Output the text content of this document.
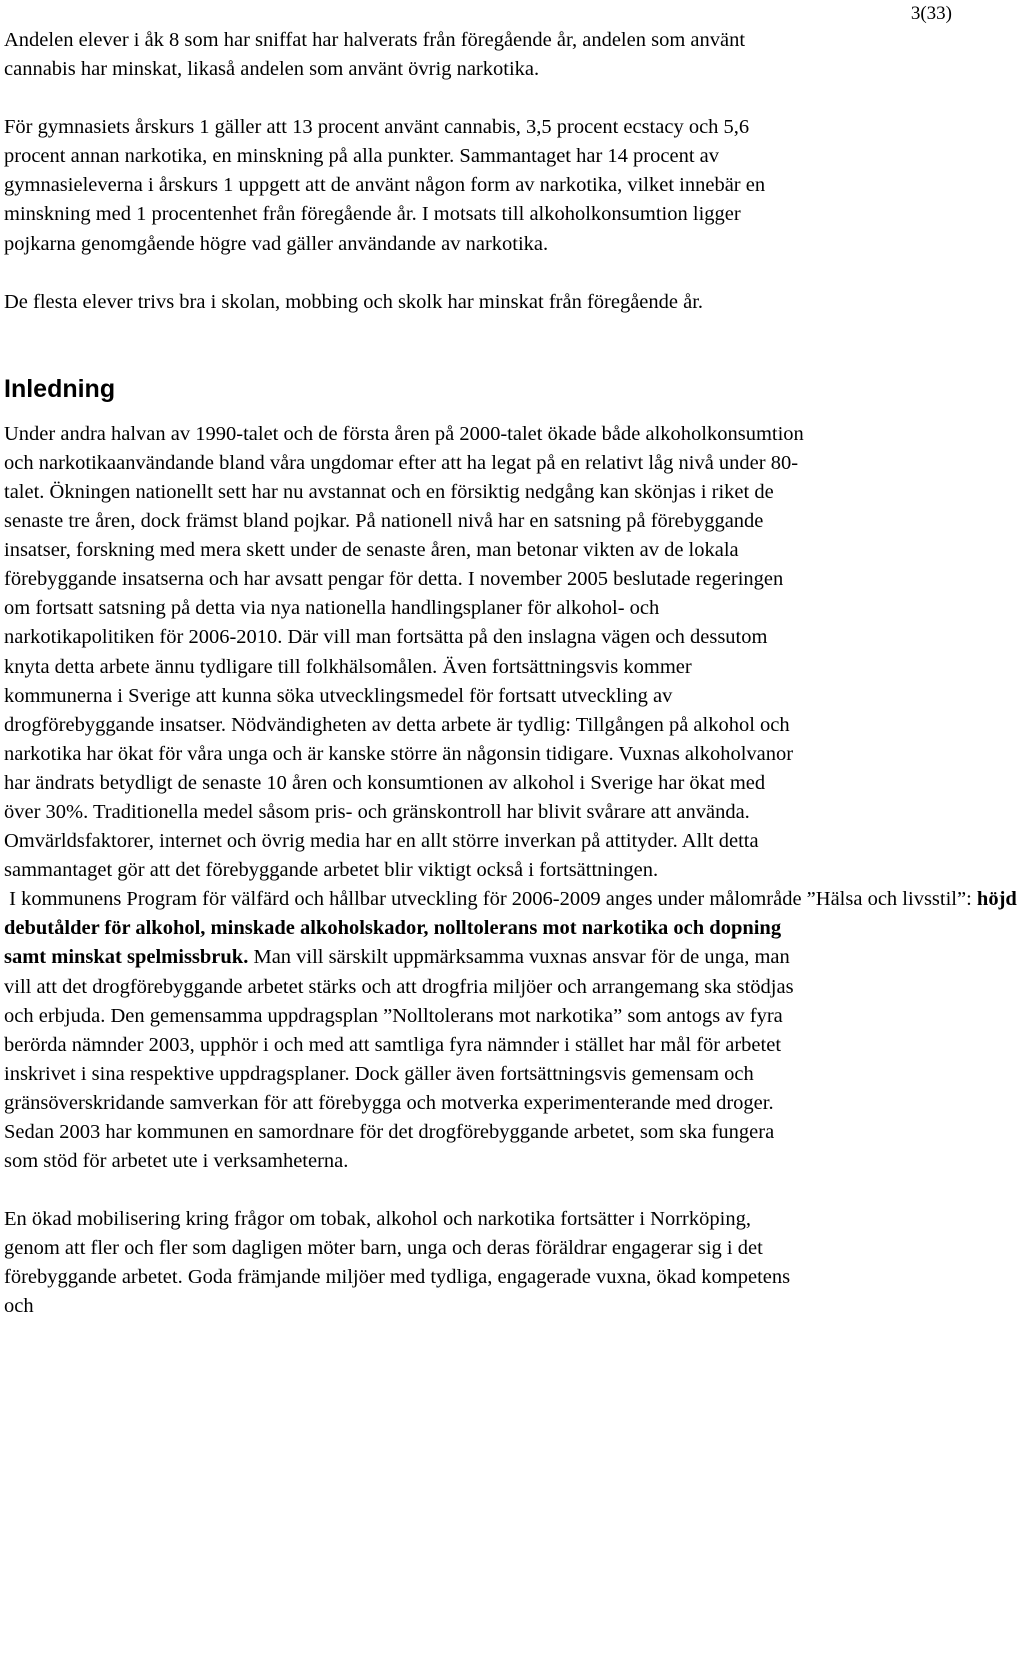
3(33)

Andelen elever i åk 8 som har sniffat har halverats från föregående år, andelen som använt cannabis har minskat, likaså andelen som använt övrig narkotika.

För gymnasiets årskurs 1 gäller att 13 procent använt cannabis, 3,5 procent ecstacy och 5,6 procent annan narkotika, en minskning på alla punkter. Sammantaget har 14 procent av gymnasieleverna i årskurs 1 uppgett att de använt någon form av narkotika, vilket innebär en minskning med 1 procentenhet från föregående år. I motsats till alkoholkonsumtion ligger pojkarna genomgående högre vad gäller användande av narkotika.

De flesta elever trivs bra i skolan, mobbing och skolk har minskat från föregående år.

Inledning

Under andra halvan av 1990-talet och de första åren på 2000-talet ökade både alkoholkonsumtion och narkotikaanvändande bland våra ungdomar efter att ha legat på en relativt låg nivå under 80-talet. Ökningen nationellt sett har nu avstannat och en försiktig nedgång kan skönjas i riket de senaste tre åren, dock främst bland pojkar. På nationell nivå har en satsning på förebyggande insatser, forskning med mera skett under de senaste åren, man betonar vikten av de lokala förebyggande insatserna och har avsatt pengar för detta. I november 2005 beslutade regeringen om fortsatt satsning på detta via nya nationella handlingsplaner för alkohol- och narkotikapolitiken för 2006-2010. Där vill man fortsätta på den inslagna vägen och dessutom knyta detta arbete ännu tydligare till folkhälsomålen. Även fortsättningsvis kommer kommunerna i Sverige att kunna söka utvecklingsmedel för fortsatt utveckling av drogförebyggande insatser. Nödvändigheten av detta arbete är tydlig: Tillgången på alkohol och narkotika har ökat för våra unga och är kanske större än någonsin tidigare. Vuxnas alkoholvanor har ändrats betydligt de senaste 10 åren och konsumtionen av alkohol i Sverige har ökat med över 30%. Traditionella medel såsom pris- och gränskontroll har blivit svårare att använda. Omvärldsfaktorer, internet och övrig media har en allt större inverkan på attityder. Allt detta sammantaget gör att det förebyggande arbetet blir viktigt också i fortsättningen.

I kommunens Program för välfärd och hållbar utveckling för 2006-2009 anges under målområde ”Hälsa och livsstil”: höjd debutålder för alkohol, minskade alkoholskador, nolltolerans mot narkotika och dopning samt minskat spelmissbruk. Man vill särskilt uppmärksamma vuxnas ansvar för de unga, man vill att det drogförebyggande arbetet stärks och att drogfria miljöer och arrangemang ska stödjas och erbjuda. Den gemensamma uppdragsplan ”Nolltolerans mot narkotika” som antogs av fyra berörda nämnder 2003, upphör i och med att samtliga fyra nämnder i stället har mål för arbetet inskrivet i sina respektive uppdragsplaner. Dock gäller även fortsättningsvis gemensam och gränsöverskridande samverkan för att förebygga och motverka experimenterande med droger.

Sedan 2003 har kommunen en samordnare för det drogförebyggande arbetet, som ska fungera som stöd för arbetet ute i verksamheterna.

En ökad mobilisering kring frågor om tobak, alkohol och narkotika fortsätter i Norrköping, genom att fler och fler som dagligen möter barn, unga och deras föräldrar engagerar sig i det förebyggande arbetet. Goda främjande miljöer med tydliga, engagerade vuxna, ökad kompetens och
